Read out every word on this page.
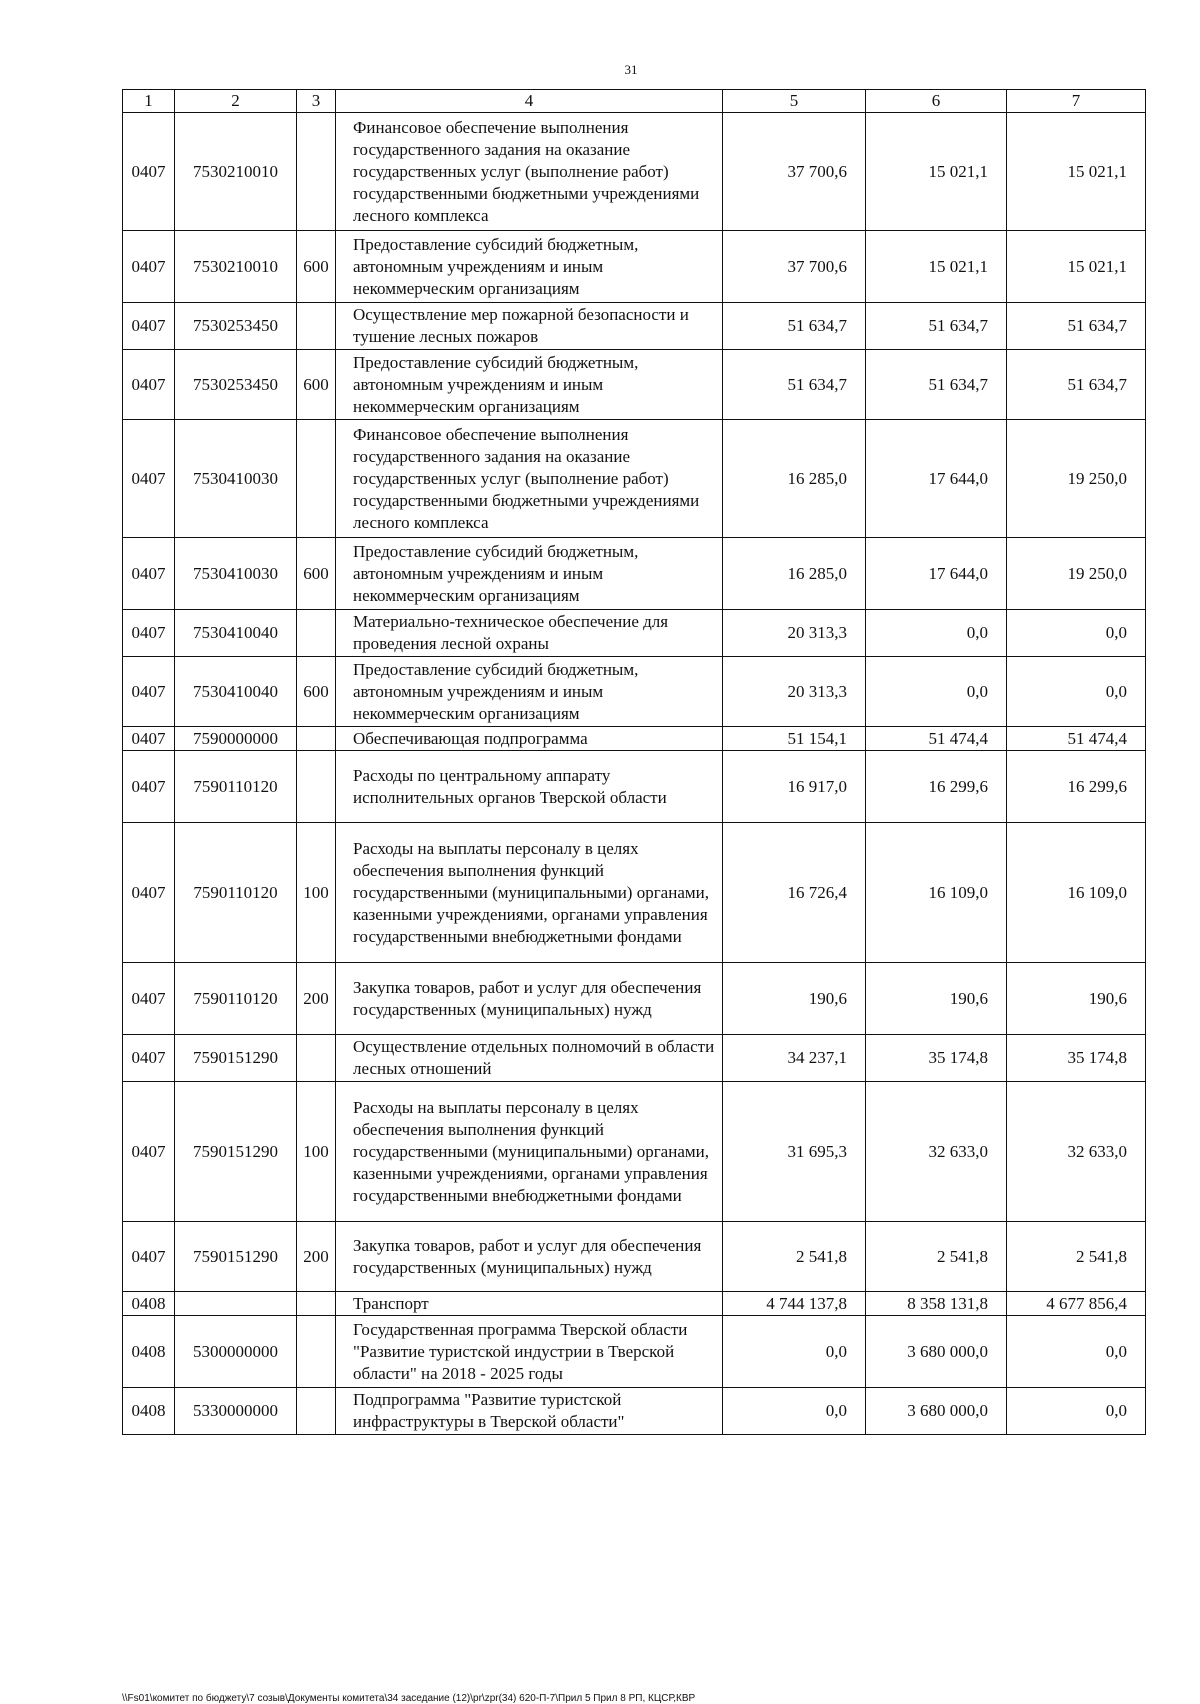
31
1	2	3	4	5	6	7
0407	7530210010		Финансовое обеспечение выполнения государственного задания на оказание государственных услуг (выполнение работ) государственными бюджетными учреждениями лесного комплекса	37 700,6	15 021,1	15 021,1
0407	7530210010	600	Предоставление субсидий бюджетным, автономным учреждениям и иным некоммерческим организациям	37 700,6	15 021,1	15 021,1
0407	7530253450		Осуществление мер пожарной безопасности и тушение лесных пожаров	51 634,7	51 634,7	51 634,7
0407	7530253450	600	Предоставление субсидий бюджетным, автономным учреждениям и иным некоммерческим организациям	51 634,7	51 634,7	51 634,7
0407	7530410030		Финансовое обеспечение выполнения государственного задания на оказание государственных услуг (выполнение работ) государственными бюджетными учреждениями лесного комплекса	16 285,0	17 644,0	19 250,0
0407	7530410030	600	Предоставление субсидий бюджетным, автономным учреждениям и иным некоммерческим организациям	16 285,0	17 644,0	19 250,0
0407	7530410040		Материально-техническое обеспечение для проведения лесной охраны	20 313,3	0,0	0,0
0407	7530410040	600	Предоставление субсидий бюджетным, автономным учреждениям и иным некоммерческим организациям	20 313,3	0,0	0,0
0407	7590000000		Обеспечивающая подпрограмма	51 154,1	51 474,4	51 474,4
0407	7590110120		Расходы по центральному аппарату исполнительных органов Тверской области	16 917,0	16 299,6	16 299,6
0407	7590110120	100	Расходы на выплаты персоналу в целях обеспечения выполнения функций государственными (муниципальными) органами, казенными учреждениями, органами управления государственными внебюджетными фондами	16 726,4	16 109,0	16 109,0
0407	7590110120	200	Закупка товаров, работ и услуг для обеспечения государственных (муниципальных) нужд	190,6	190,6	190,6
0407	7590151290		Осуществление отдельных полномочий в области лесных отношений	34 237,1	35 174,8	35 174,8
0407	7590151290	100	Расходы на выплаты персоналу в целях обеспечения выполнения функций государственными (муниципальными) органами, казенными учреждениями, органами управления государственными внебюджетными фондами	31 695,3	32 633,0	32 633,0
0407	7590151290	200	Закупка товаров, работ и услуг для обеспечения государственных (муниципальных) нужд	2 541,8	2 541,8	2 541,8
0408			Транспорт	4 744 137,8	8 358 131,8	4 677 856,4
0408	5300000000		Государственная программа Тверской области "Развитие туристской индустрии в Тверской области" на 2018 - 2025 годы	0,0	3 680 000,0	0,0
0408	5330000000		Подпрограмма "Развитие туристской инфраструктуры в Тверской области"	0,0	3 680 000,0	0,0
\\Fs01\комитет по бюджету\7 созыв\Документы комитета\34 заседание (12)\pr\zpr(34) 620-П-7\Прил 5 Прил 8 РП, КЦСР,КВР
